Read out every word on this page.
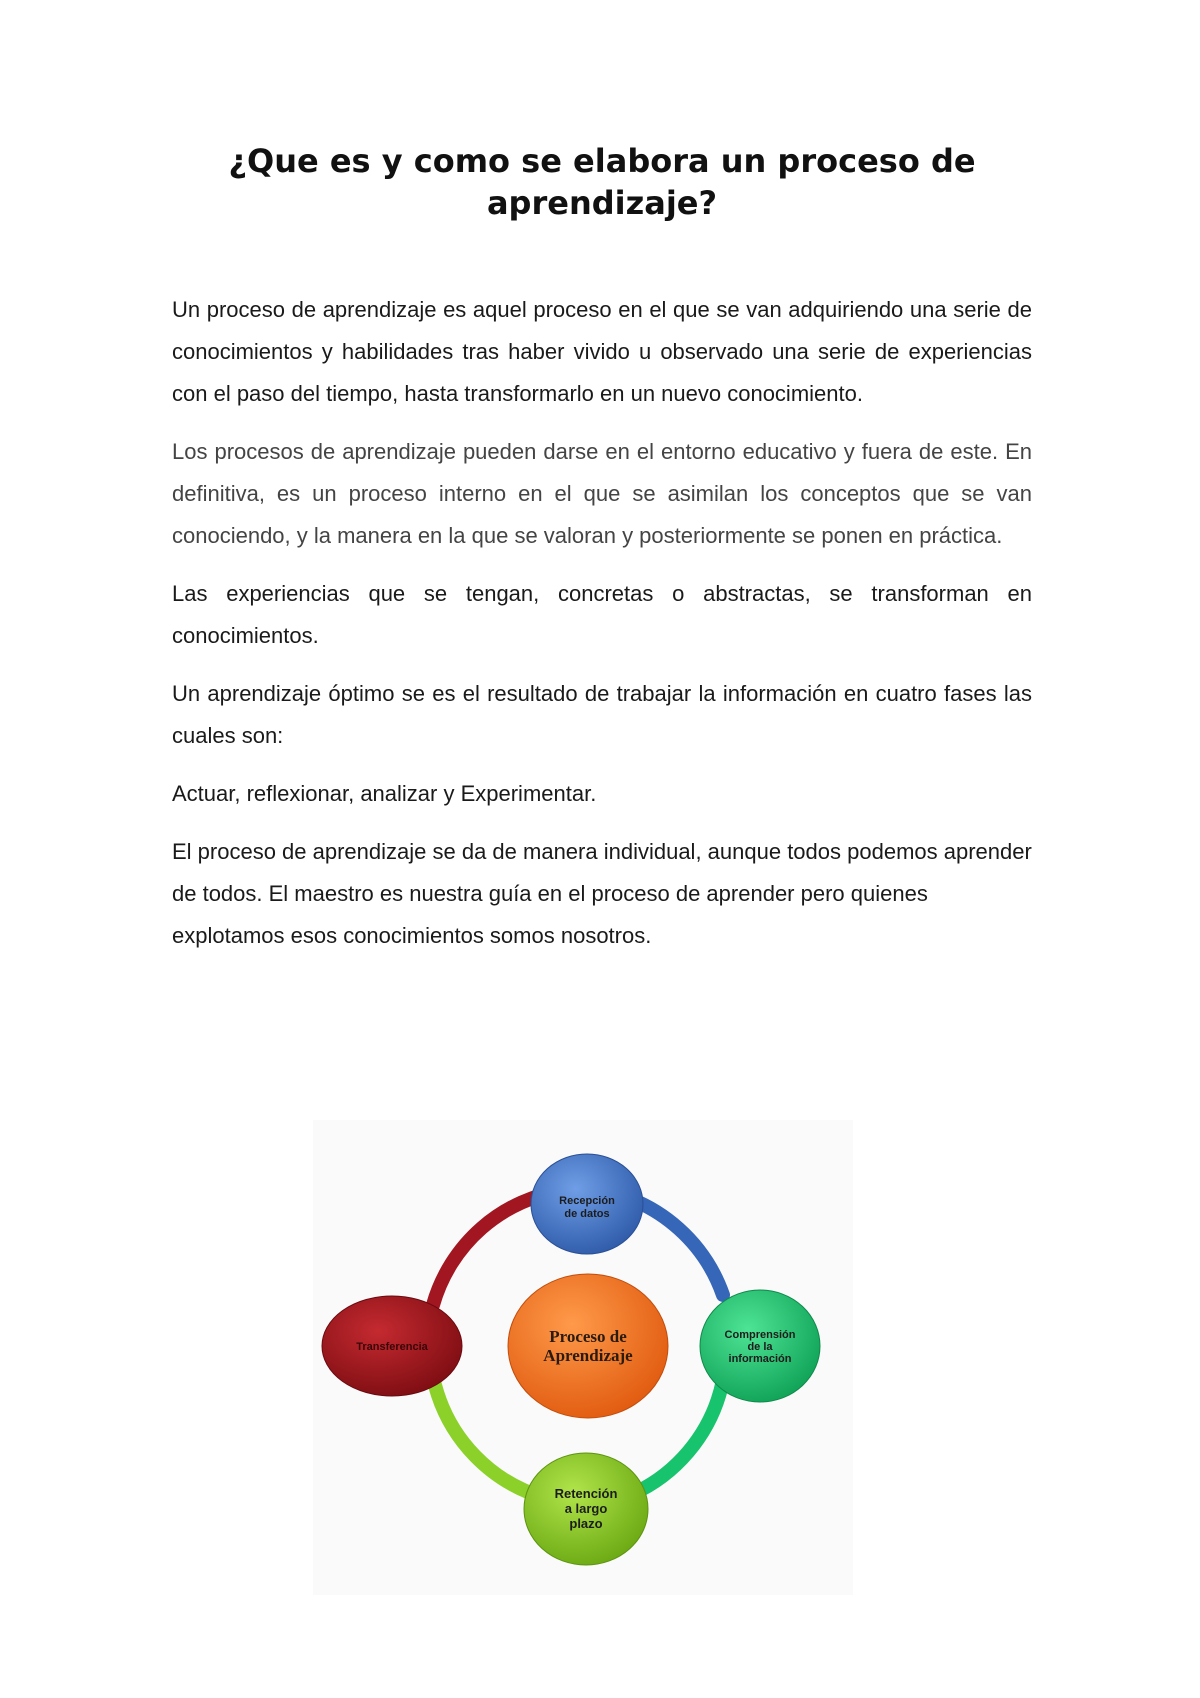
¿Que es y como se elabora un proceso de
aprendizaje?

Un proceso de aprendizaje es aquel proceso en el que se van adquiriendo una serie de conocimientos y habilidades tras haber vivido u observado una serie de experiencias con el paso del tiempo, hasta transformarlo en un nuevo conocimiento.

Los procesos de aprendizaje pueden darse en el entorno educativo y fuera de este. En definitiva, es un proceso interno en el que se asimilan los conceptos que se van conociendo, y la manera en la que se valoran y posteriormente se ponen en práctica.

Las experiencias que se tengan, concretas o abstractas, se transforman en conocimientos.

Un aprendizaje óptimo se es el resultado de trabajar la información en cuatro fases las cuales son:

Actuar, reflexionar, analizar y Experimentar.

El proceso de aprendizaje se da de manera individual, aunque todos podemos aprender de todos. El maestro es nuestra guía en el proceso de aprender pero quienes explotamos esos conocimientos somos nosotros.

Recepción
de datos
Comprensión
de la
información
Retención
a largo
plazo
Transferencia
Proceso de
Aprendizaje
